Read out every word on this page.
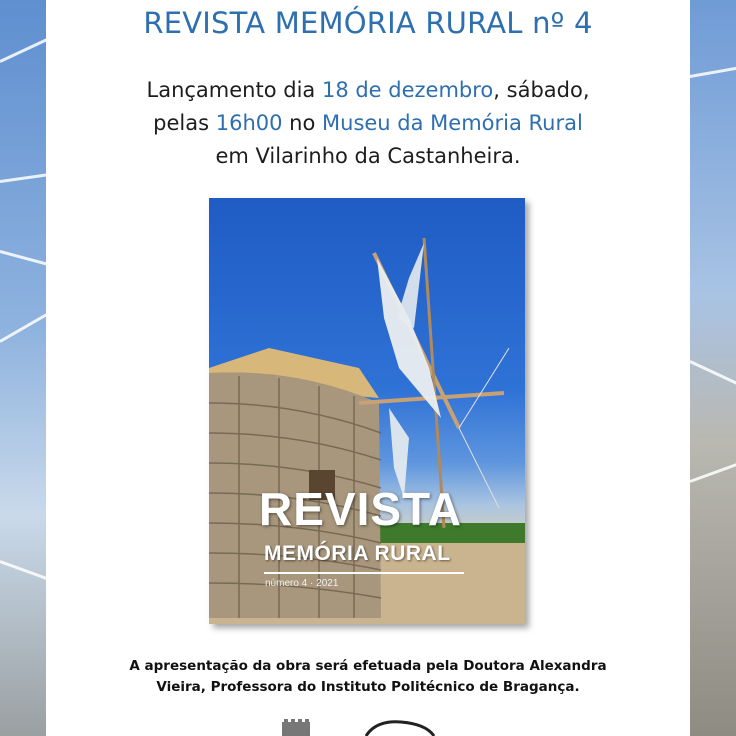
REVISTA MEMÓRIA RURAL nº 4
Lançamento dia 18 de dezembro, sábado,
pelas 16h00 no Museu da Memória Rural
em Vilarinho da Castanheira.
REVISTA
MEMÓRIA RURAL
número 4 · 2021
A apresentação da obra será efetuada pela Doutora Alexandra
Vieira, Professora do Instituto Politécnico de Bragança.
